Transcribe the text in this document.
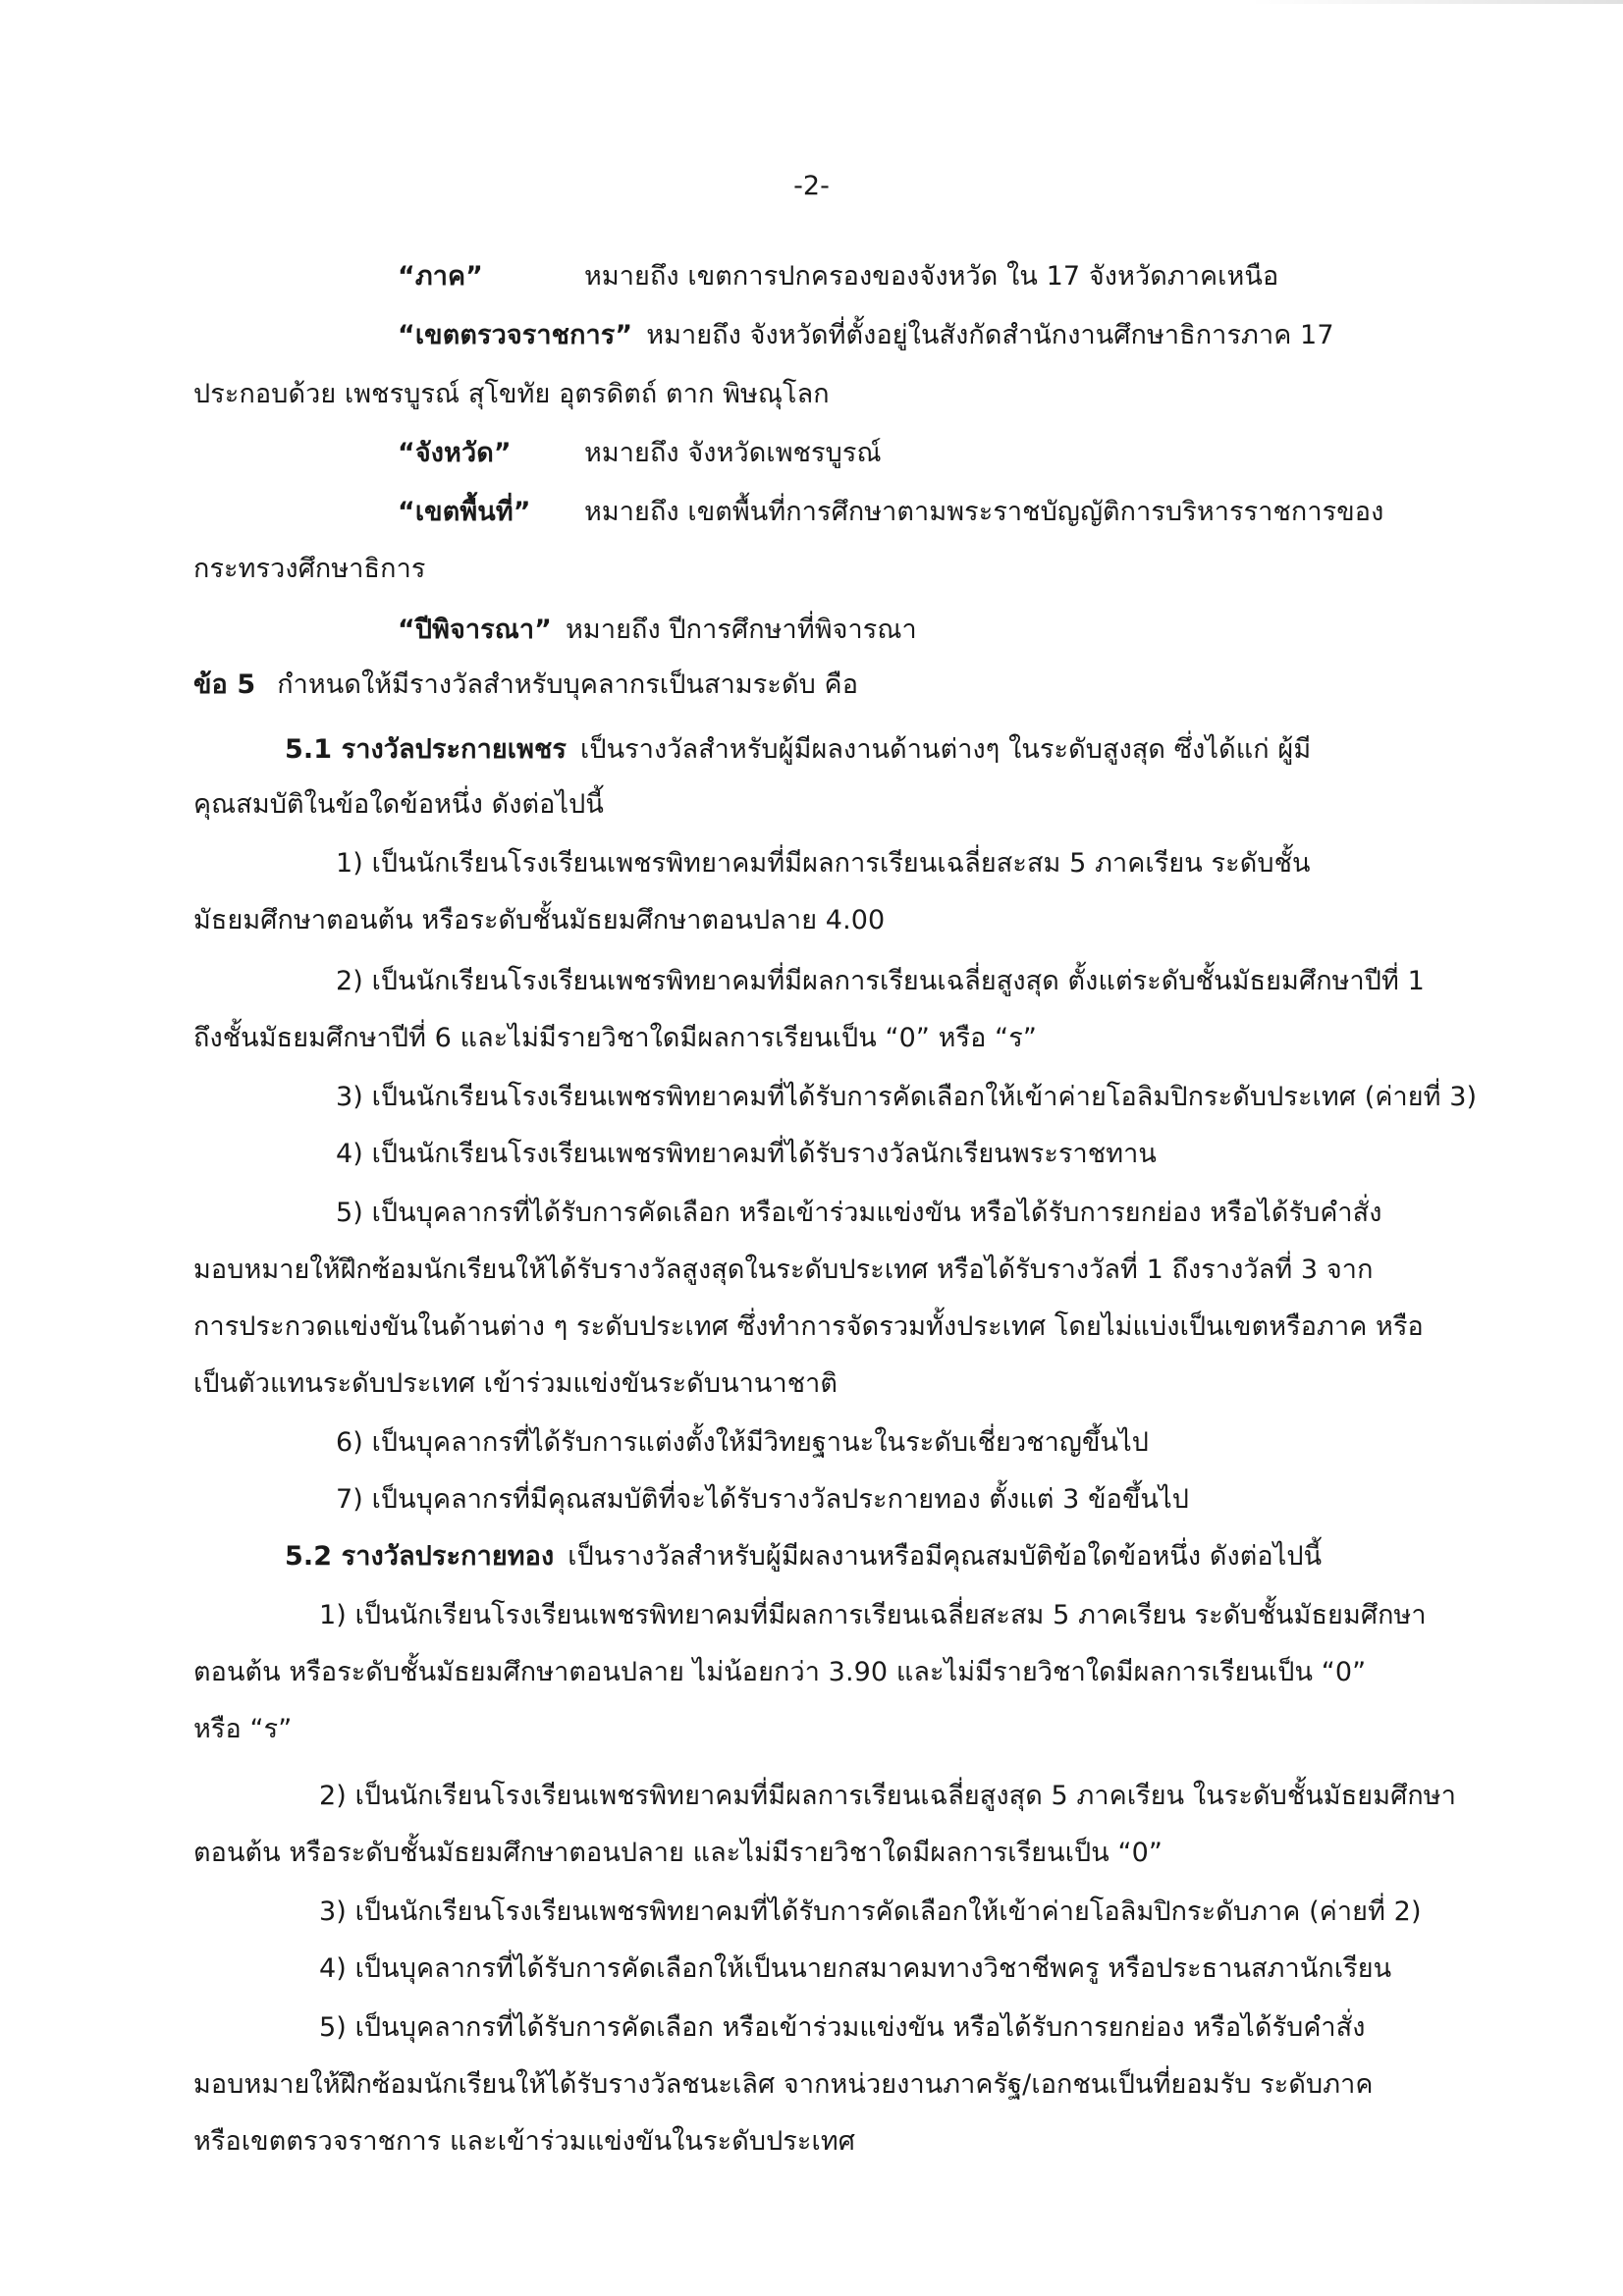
-2-
“ภาค”	หมายถึง เขตการปกครองของจังหวัด ใน 17 จังหวัดภาคเหนือ
“เขตตรวจราชการ” หมายถึง จังหวัดที่ตั้งอยู่ในสังกัดสำนักงานศึกษาธิการภาค 17
ประกอบด้วย เพชรบูรณ์ สุโขทัย อุตรดิตถ์ ตาก พิษณุโลก
“จังหวัด”	หมายถึง จังหวัดเพชรบูรณ์
“เขตพื้นที่” หมายถึง เขตพื้นที่การศึกษาตามพระราชบัญญัติการบริหารราชการของ
กระทรวงศึกษาธิการ
“ปีพิจารณา” หมายถึง ปีการศึกษาที่พิจารณา
ข้อ 5 กำหนดให้มีรางวัลสำหรับบุคลากรเป็นสามระดับ คือ
5.1 รางวัลประกายเพชร เป็นรางวัลสำหรับผู้มีผลงานด้านต่างๆ ในระดับสูงสุด ซึ่งได้แก่ ผู้มี
คุณสมบัติในข้อใดข้อหนึ่ง ดังต่อไปนี้
1) เป็นนักเรียนโรงเรียนเพชรพิทยาคมที่มีผลการเรียนเฉลี่ยสะสม 5 ภาคเรียน ระดับชั้น
มัธยมศึกษาตอนต้น หรือระดับชั้นมัธยมศึกษาตอนปลาย 4.00
2) เป็นนักเรียนโรงเรียนเพชรพิทยาคมที่มีผลการเรียนเฉลี่ยสูงสุด ตั้งแต่ระดับชั้นมัธยมศึกษาปีที่ 1
ถึงชั้นมัธยมศึกษาปีที่ 6 และไม่มีรายวิชาใดมีผลการเรียนเป็น “0” หรือ “ร”
3) เป็นนักเรียนโรงเรียนเพชรพิทยาคมที่ได้รับการคัดเลือกให้เข้าค่ายโอลิมปิกระดับประเทศ (ค่ายที่ 3)
4) เป็นนักเรียนโรงเรียนเพชรพิทยาคมที่ได้รับรางวัลนักเรียนพระราชทาน
5) เป็นบุคลากรที่ได้รับการคัดเลือก หรือเข้าร่วมแข่งขัน หรือได้รับการยกย่อง หรือได้รับคำสั่ง
มอบหมายให้ฝึกซ้อมนักเรียนให้ได้รับรางวัลสูงสุดในระดับประเทศ หรือได้รับรางวัลที่ 1 ถึงรางวัลที่ 3 จาก
การประกวดแข่งขันในด้านต่าง ๆ ระดับประเทศ ซึ่งทำการจัดรวมทั้งประเทศ โดยไม่แบ่งเป็นเขตหรือภาค หรือ
เป็นตัวแทนระดับประเทศ เข้าร่วมแข่งขันระดับนานาชาติ
6) เป็นบุคลากรที่ได้รับการแต่งตั้งให้มีวิทยฐานะในระดับเชี่ยวชาญขึ้นไป
7) เป็นบุคลากรที่มีคุณสมบัติที่จะได้รับรางวัลประกายทอง ตั้งแต่ 3 ข้อขึ้นไป
5.2 รางวัลประกายทอง เป็นรางวัลสำหรับผู้มีผลงานหรือมีคุณสมบัติข้อใดข้อหนึ่ง ดังต่อไปนี้
1) เป็นนักเรียนโรงเรียนเพชรพิทยาคมที่มีผลการเรียนเฉลี่ยสะสม 5 ภาคเรียน ระดับชั้นมัธยมศึกษา
ตอนต้น หรือระดับชั้นมัธยมศึกษาตอนปลาย ไม่น้อยกว่า 3.90 และไม่มีรายวิชาใดมีผลการเรียนเป็น “0”
หรือ “ร”
2) เป็นนักเรียนโรงเรียนเพชรพิทยาคมที่มีผลการเรียนเฉลี่ยสูงสุด 5 ภาคเรียน ในระดับชั้นมัธยมศึกษา
ตอนต้น หรือระดับชั้นมัธยมศึกษาตอนปลาย และไม่มีรายวิชาใดมีผลการเรียนเป็น “0”
3) เป็นนักเรียนโรงเรียนเพชรพิทยาคมที่ได้รับการคัดเลือกให้เข้าค่ายโอลิมปิกระดับภาค (ค่ายที่ 2)
4) เป็นบุคลากรที่ได้รับการคัดเลือกให้เป็นนายกสมาคมทางวิชาชีพครู หรือประธานสภานักเรียน
5) เป็นบุคลากรที่ได้รับการคัดเลือก หรือเข้าร่วมแข่งขัน หรือได้รับการยกย่อง หรือได้รับคำสั่ง
มอบหมายให้ฝึกซ้อมนักเรียนให้ได้รับรางวัลชนะเลิศ จากหน่วยงานภาครัฐ/เอกชนเป็นที่ยอมรับ ระดับภาค
หรือเขตตรวจราชการ และเข้าร่วมแข่งขันในระดับประเทศ
